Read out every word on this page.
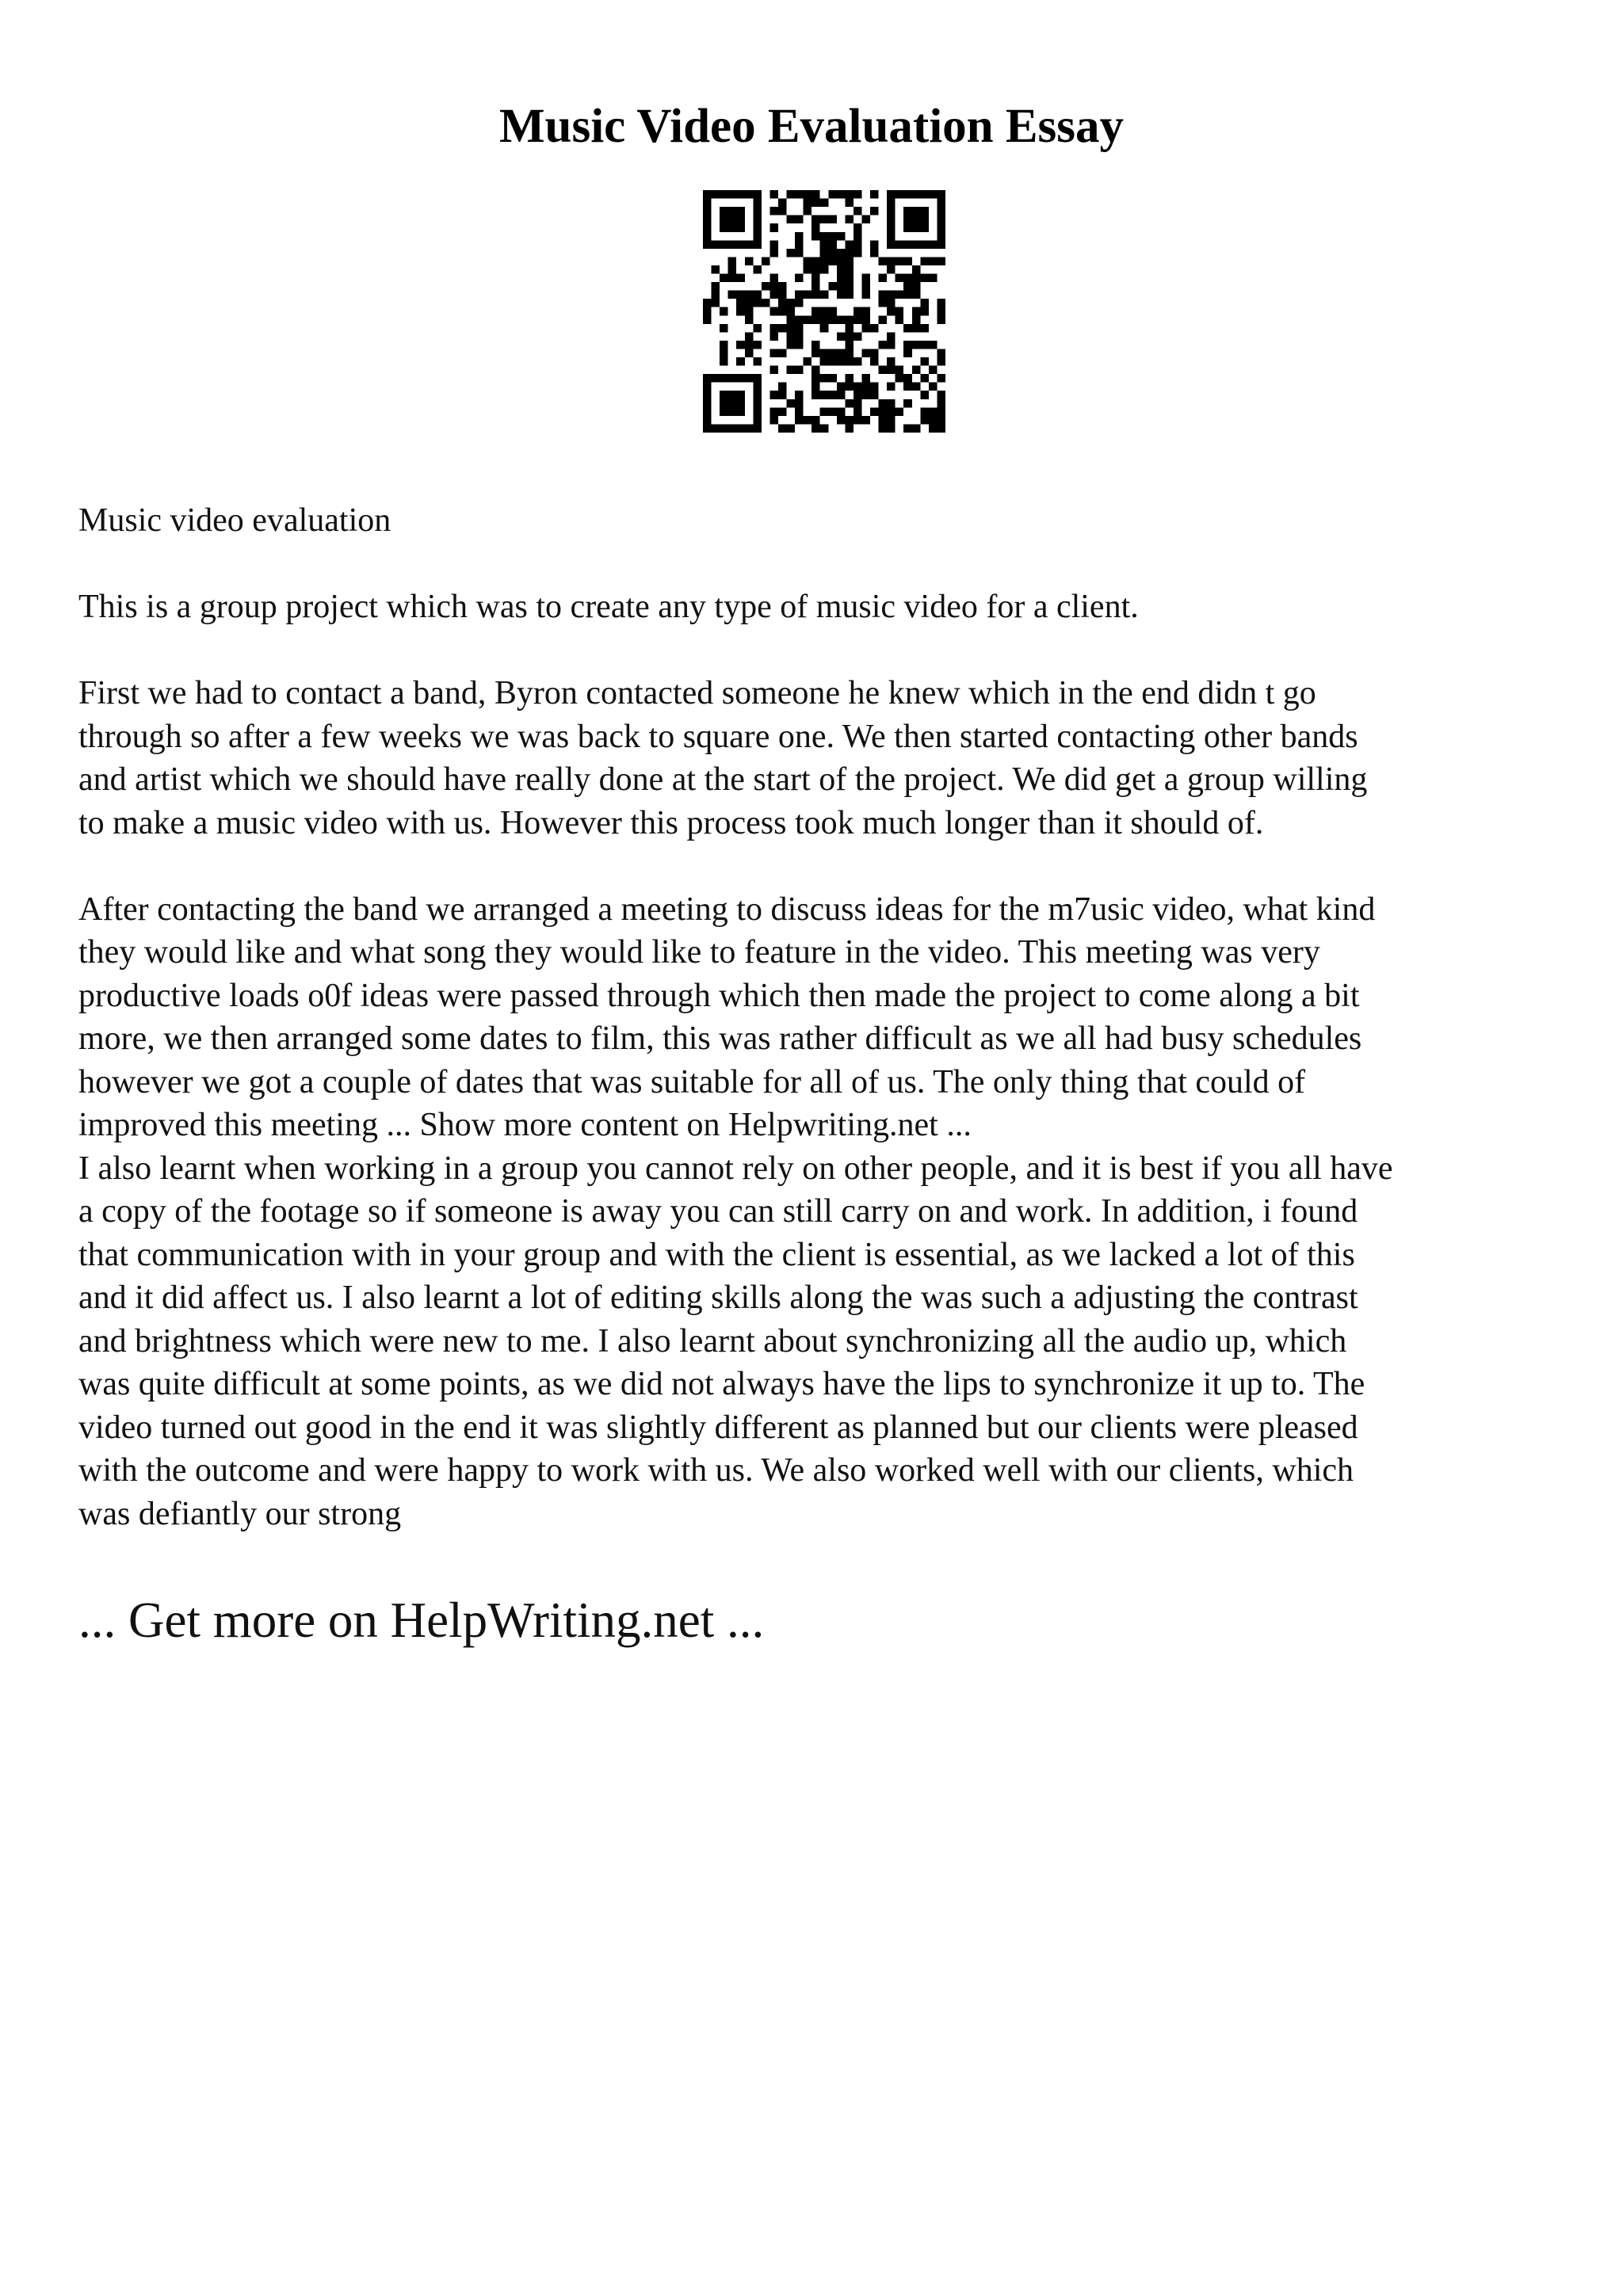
Music Video Evaluation Essay

Music video evaluation

This is a group project which was to create any type of music video for a client.

First we had to contact a band, Byron contacted someone he knew which in the end didn t go
through so after a few weeks we was back to square one. We then started contacting other bands
and artist which we should have really done at the start of the project. We did get a group willing
to make a music video with us. However this process took much longer than it should of.

After contacting the band we arranged a meeting to discuss ideas for the m7usic video, what kind
they would like and what song they would like to feature in the video. This meeting was very
productive loads o0f ideas were passed through which then made the project to come along a bit
more, we then arranged some dates to film, this was rather difficult as we all had busy schedules
however we got a couple of dates that was suitable for all of us. The only thing that could of
improved this meeting ... Show more content on Helpwriting.net ...

I also learnt when working in a group you cannot rely on other people, and it is best if you all have
a copy of the footage so if someone is away you can still carry on and work. In addition, i found
that communication with in your group and with the client is essential, as we lacked a lot of this
and it did affect us. I also learnt a lot of editing skills along the was such a adjusting the contrast
and brightness which were new to me. I also learnt about synchronizing all the audio up, which
was quite difficult at some points, as we did not always have the lips to synchronize it up to. The
video turned out good in the end it was slightly different as planned but our clients were pleased
with the outcome and were happy to work with us. We also worked well with our clients, which
was defiantly our strong

... Get more on HelpWriting.net ...
